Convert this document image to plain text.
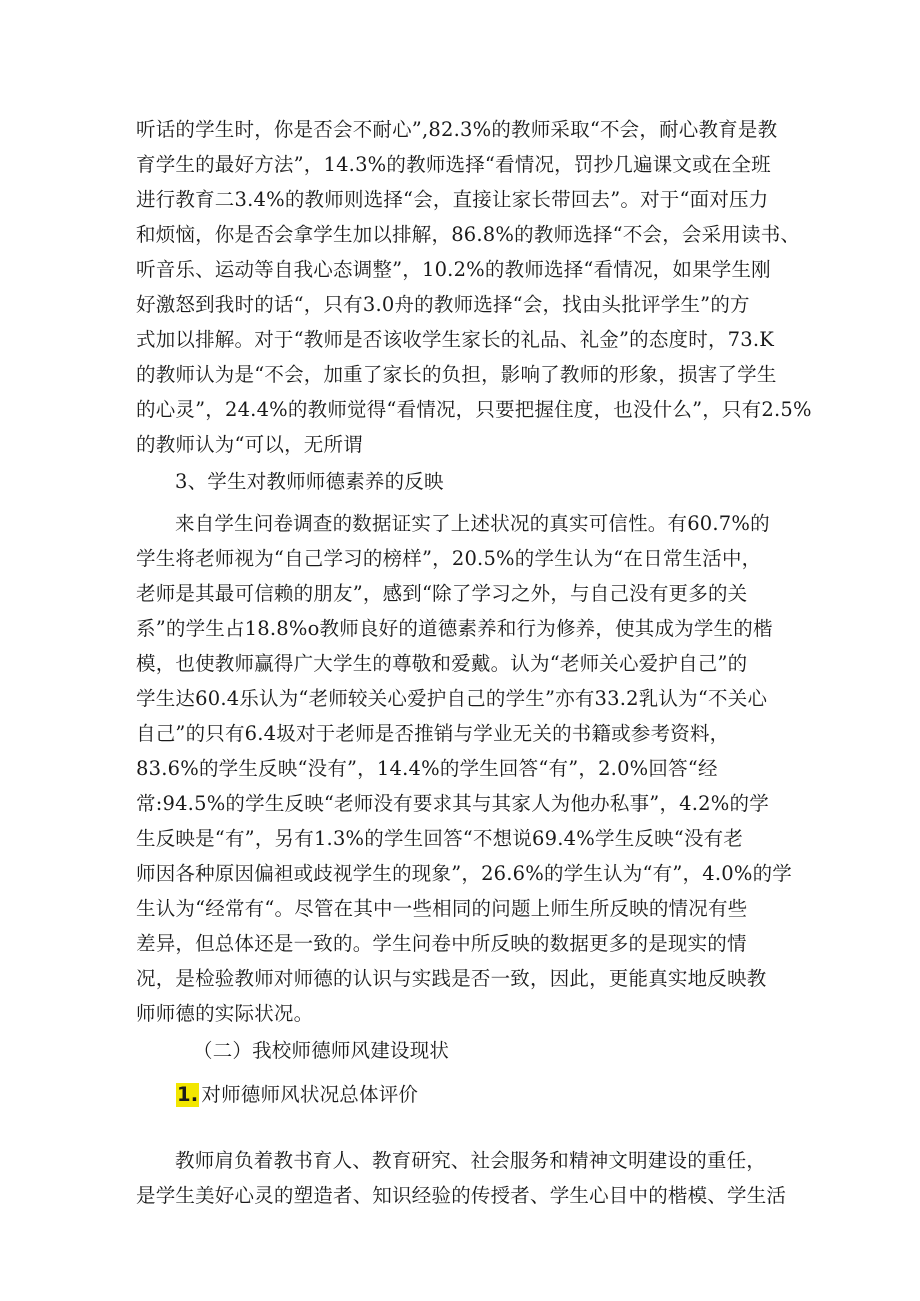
听话的学生时，你是否会不耐心”,82.3%的教师采取“不会，耐心教育是教
育学生的最好方法”，14.3%的教师选择“看情况，罚抄几遍课文或在全班
进行教育二3.4%的教师则选择“会，直接让家长带回去”。对于“面对压力
和烦恼，你是否会拿学生加以排解，86.8%的教师选择“不会，会采用读书、
听音乐、运动等自我心态调整”，10.2%的教师选择“看情况，如果学生刚
好激怒到我时的话“，只有3.0舟的教师选择“会，找由头批评学生”的方
式加以排解。对于“教师是否该收学生家长的礼品、礼金”的态度时，73.K
的教师认为是“不会，加重了家长的负担，影响了教师的形象，损害了学生
的心灵”，24.4%的教师觉得“看情况，只要把握住度，也没什么”，只有2.5%
的教师认为“可以，无所谓
3、学生对教师师德素养的反映
来自学生问卷调查的数据证实了上述状况的真实可信性。有60.7%的
学生将老师视为“自己学习的榜样”，20.5%的学生认为“在日常生活中，
老师是其最可信赖的朋友”，感到“除了学习之外，与自己没有更多的关
系”的学生占18.8%o教师良好的道德素养和行为修养，使其成为学生的楷
模，也使教师赢得广大学生的尊敬和爱戴。认为“老师关心爱护自己”的
学生达60.4乐认为“老师较关心爱护自己的学生”亦有33.2乳认为“不关心
自己”的只有6.4圾对于老师是否推销与学业无关的书籍或参考资料，
83.6%的学生反映“没有”，14.4%的学生回答“有”，2.0%回答“经
常:94.5%的学生反映“老师没有要求其与其家人为他办私事”，4.2%的学
生反映是“有”，另有1.3%的学生回答“不想说69.4%学生反映“没有老
师因各种原因偏袒或歧视学生的现象”，26.6%的学生认为“有”，4.0%的学
生认为“经常有“。尽管在其中一些相同的问题上师生所反映的情况有些
差异，但总体还是一致的。学生问卷中所反映的数据更多的是现实的情
况，是检验教师对师德的认识与实践是否一致，因此，更能真实地反映教
师师德的实际状况。
（二）我校师德师风建设现状
1. 对师德师风状况总体评价
教师肩负着教书育人、教育研究、社会服务和精神文明建设的重任，
是学生美好心灵的塑造者、知识经验的传授者、学生心目中的楷模、学生活
